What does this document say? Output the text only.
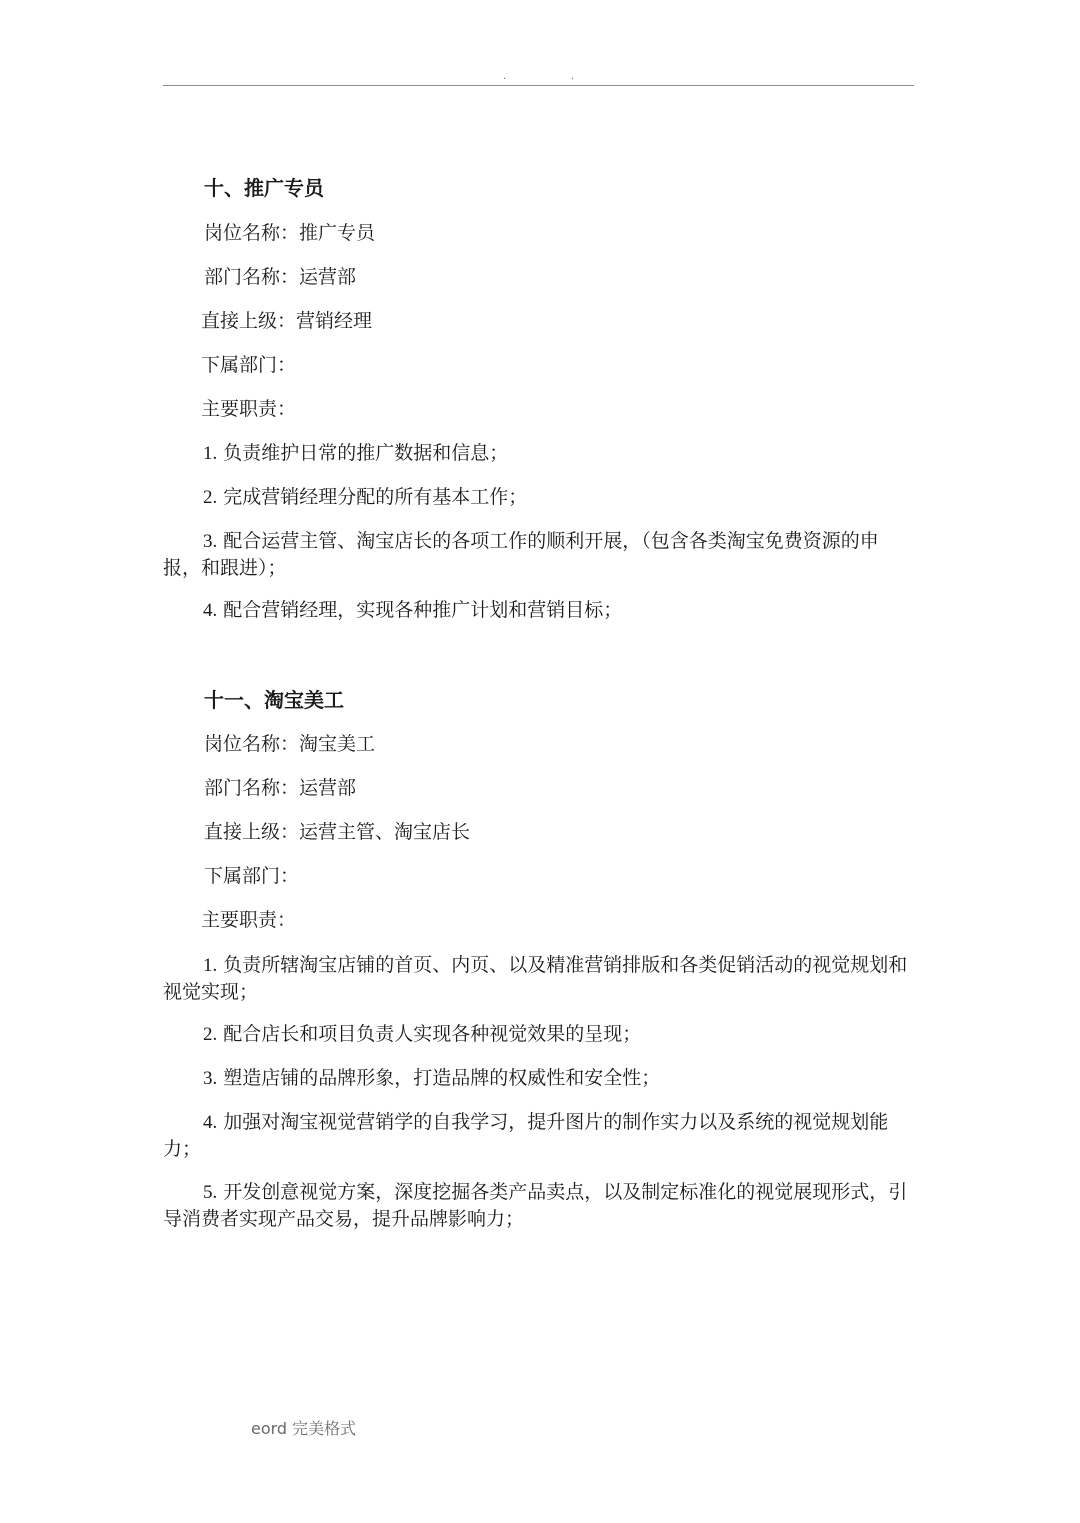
.	.
十、推广专员
岗位名称：推广专员
部门名称：运营部
直接上级：营销经理
下属部门：
主要职责：
1. 负责维护日常的推广数据和信息；
2. 完成营销经理分配的所有基本工作；
3. 配合运营主管、淘宝店长的各项工作的顺利开展，（包含各类淘宝免费资源的申报，和跟进）；
4. 配合营销经理，实现各种推广计划和营销目标；
十一、淘宝美工
岗位名称：淘宝美工
部门名称：运营部
直接上级：运营主管、淘宝店长
下属部门：
主要职责：
1. 负责所辖淘宝店铺的首页、内页、以及精准营销排版和各类促销活动的视觉规划和视觉实现；
2. 配合店长和项目负责人实现各种视觉效果的呈现；
3. 塑造店铺的品牌形象，打造品牌的权威性和安全性；
4. 加强对淘宝视觉营销学的自我学习，提升图片的制作实力以及系统的视觉规划能力；
5. 开发创意视觉方案，深度挖掘各类产品卖点，以及制定标准化的视觉展现形式，引导消费者实现产品交易，提升品牌影响力；
eord 完美格式
